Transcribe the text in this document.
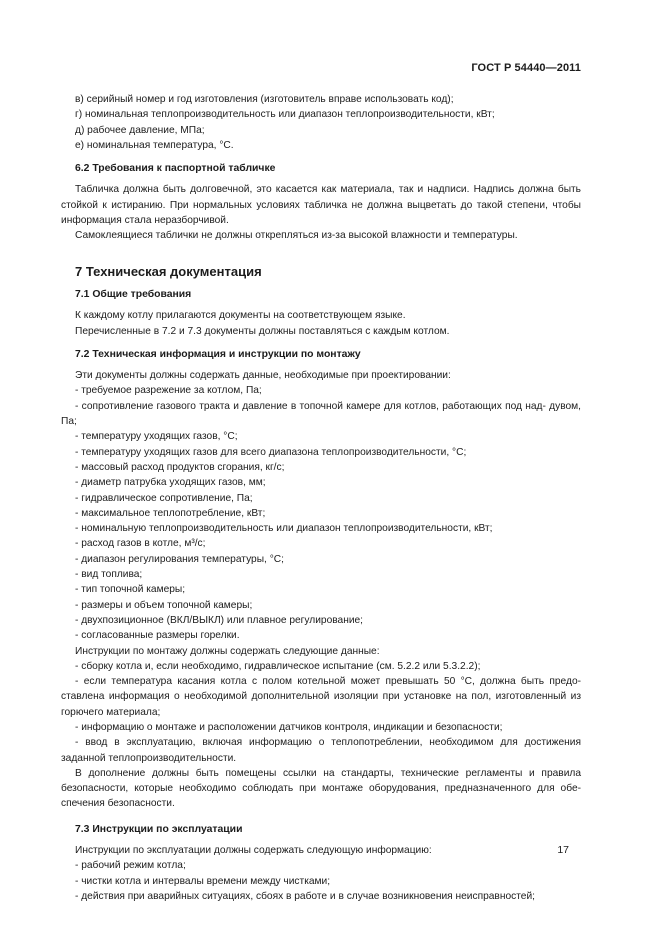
ГОСТ Р 54440—2011

в) серийный номер и год изготовления (изготовитель вправе использовать код);

г) номинальная теплопроизводительность или диапазон теплопроизводительности, кВт;

д) рабочее давление, МПа;

е) номинальная температура, °С.

6.2 Требования к паспортной табличке

Табличка должна быть долговечной, это касается как материала, так и надписи. Надпись должна быть стойкой к истиранию. При нормальных условиях табличка не должна выцветать до такой степени, чтобы информация стала неразборчивой.

Самоклеящиеся таблички не должны открепляться из-за высокой влажности и температуры.

7 Техническая документация

7.1 Общие требования

К каждому котлу прилагаются документы на соответствующем языке.

Перечисленные в 7.2 и 7.3 документы должны поставляться с каждым котлом.

7.2 Техническая информация и инструкции по монтажу

Эти документы должны содержать данные, необходимые при проектировании:

- требуемое разрежение за котлом, Па;

- сопротивление газового тракта и давление в топочной камере для котлов, работающих под над- дувом, Па;

- температуру уходящих газов, °С;

- температуру уходящих газов для всего диапазона теплопроизводительности, °С;

- массовый расход продуктов сгорания, кг/с;

- диаметр патрубка уходящих газов, мм;

- гидравлическое сопротивление, Па;

- максимальное теплопотребление, кВт;

- номинальную теплопроизводительность или диапазон теплопроизводительности, кВт;

- расход газов в котле, м³/с;

- диапазон регулирования температуры, °С;

- вид топлива;

- тип топочной камеры;

- размеры и объем топочной камеры;

- двухпозиционное (ВКЛ/ВЫКЛ) или плавное регулирование;

- согласованные размеры горелки.

Инструкции по монтажу должны содержать следующие данные:

- сборку котла и, если необходимо, гидравлическое испытание (см. 5.2.2 или 5.3.2.2);

- если температура касания котла с полом котельной может превышать 50 °С, должна быть предо- ставлена информация о необходимой дополнительной изоляции при установке на пол, изготовленный из горючего материала;

- информацию о монтаже и расположении датчиков контроля, индикации и безопасности;

- ввод в эксплуатацию, включая информацию о теплопотреблении, необходимом для достижения заданной теплопроизводительности.

В дополнение должны быть помещены ссылки на стандарты, технические регламенты и правила безопасности, которые необходимо соблюдать при монтаже оборудования, предназначенного для обе- спечения безопасности.

7.3 Инструкции по эксплуатации

Инструкции по эксплуатации должны содержать следующую информацию:

- рабочий режим котла;

- чистки котла и интервалы времени между чистками;

- действия при аварийных ситуациях, сбоях в работе и в случае возникновения неисправностей;

17
